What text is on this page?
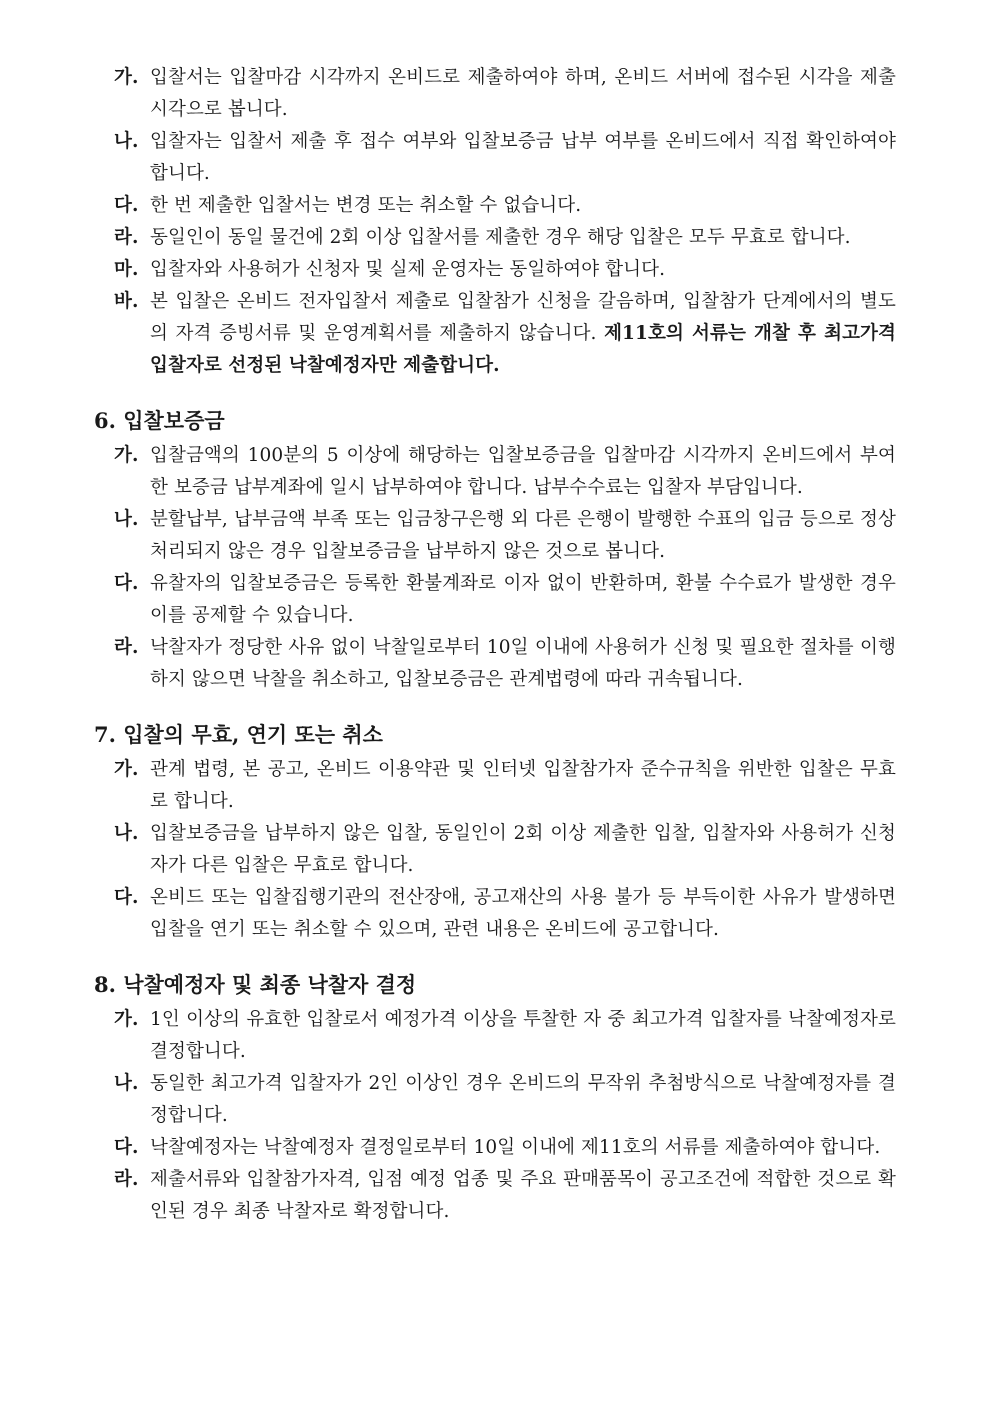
가. 입찰서는 입찰마감 시각까지 온비드로 제출하여야 하며, 온비드 서버에 접수된 시각을 제출시각으로 봅니다.
나. 입찰자는 입찰서 제출 후 접수 여부와 입찰보증금 납부 여부를 온비드에서 직접 확인하여야 합니다.
다. 한 번 제출한 입찰서는 변경 또는 취소할 수 없습니다.
라. 동일인이 동일 물건에 2회 이상 입찰서를 제출한 경우 해당 입찰은 모두 무효로 합니다.
마. 입찰자와 사용허가 신청자 및 실제 운영자는 동일하여야 합니다.
바. 본 입찰은 온비드 전자입찰서 제출로 입찰참가 신청을 갈음하며, 입찰참가 단계에서의 별도의 자격 증빙서류 및 운영계획서를 제출하지 않습니다. 제11호의 서류는 개찰 후 최고가격 입찰자로 선정된 낙찰예정자만 제출합니다.
6. 입찰보증금
가. 입찰금액의 100분의 5 이상에 해당하는 입찰보증금을 입찰마감 시각까지 온비드에서 부여한 보증금 납부계좌에 일시 납부하여야 합니다. 납부수수료는 입찰자 부담입니다.
나. 분할납부, 납부금액 부족 또는 입금창구은행 외 다른 은행이 발행한 수표의 입금 등으로 정상 처리되지 않은 경우 입찰보증금을 납부하지 않은 것으로 봅니다.
다. 유찰자의 입찰보증금은 등록한 환불계좌로 이자 없이 반환하며, 환불 수수료가 발생한 경우 이를 공제할 수 있습니다.
라. 낙찰자가 정당한 사유 없이 낙찰일로부터 10일 이내에 사용허가 신청 및 필요한 절차를 이행하지 않으면 낙찰을 취소하고, 입찰보증금은 관계법령에 따라 귀속됩니다.
7. 입찰의 무효, 연기 또는 취소
가. 관계 법령, 본 공고, 온비드 이용약관 및 인터넷 입찰참가자 준수규칙을 위반한 입찰은 무효로 합니다.
나. 입찰보증금을 납부하지 않은 입찰, 동일인이 2회 이상 제출한 입찰, 입찰자와 사용허가 신청자가 다른 입찰은 무효로 합니다.
다. 온비드 또는 입찰집행기관의 전산장애, 공고재산의 사용 불가 등 부득이한 사유가 발생하면 입찰을 연기 또는 취소할 수 있으며, 관련 내용은 온비드에 공고합니다.
8. 낙찰예정자 및 최종 낙찰자 결정
가. 1인 이상의 유효한 입찰로서 예정가격 이상을 투찰한 자 중 최고가격 입찰자를 낙찰예정자로 결정합니다.
나. 동일한 최고가격 입찰자가 2인 이상인 경우 온비드의 무작위 추첨방식으로 낙찰예정자를 결정합니다.
다. 낙찰예정자는 낙찰예정자 결정일로부터 10일 이내에 제11호의 서류를 제출하여야 합니다.
라. 제출서류와 입찰참가자격, 입점 예정 업종 및 주요 판매품목이 공고조건에 적합한 것으로 확인된 경우 최종 낙찰자로 확정합니다.
